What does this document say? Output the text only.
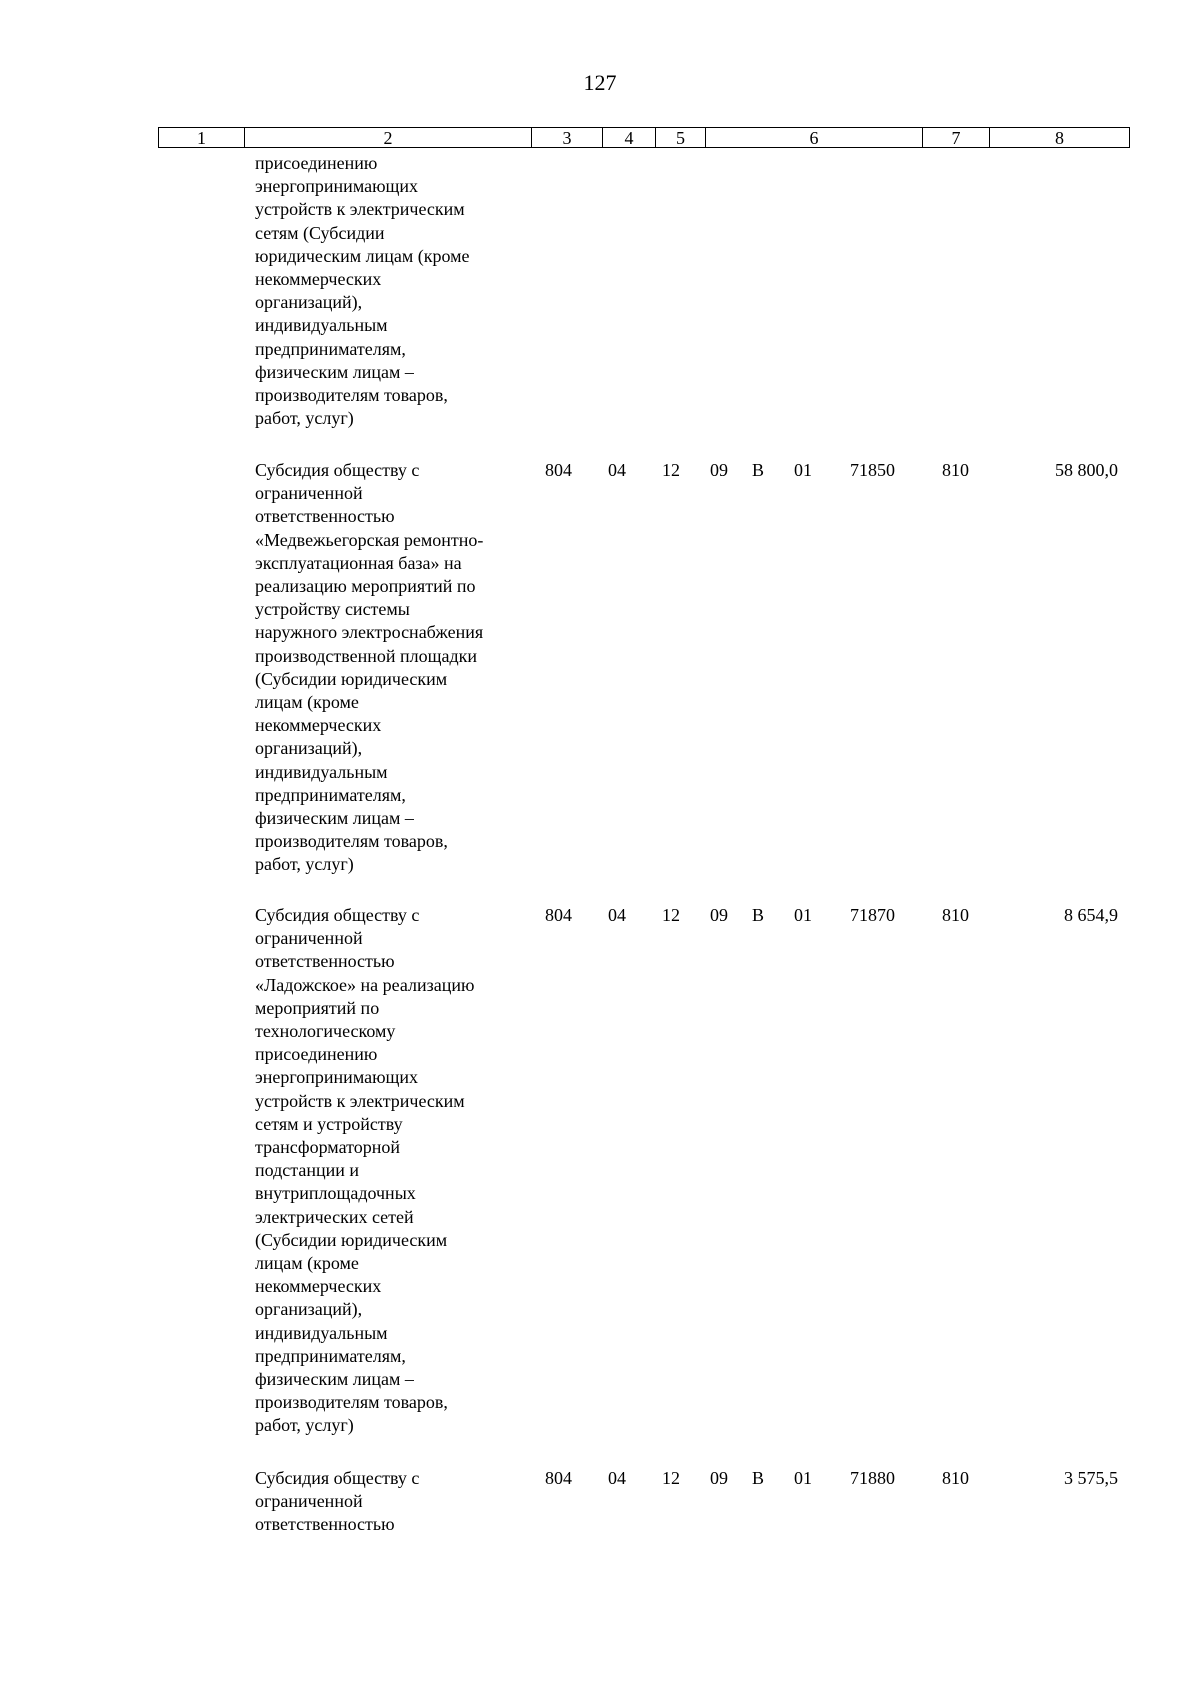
127
1	2	3	4	5	6	7	8
присоединению
энергопринимающих
устройств к электрическим
сетям (Субсидии
юридическим лицам (кроме
некоммерческих
организаций),
индивидуальным
предпринимателям,
физическим лицам –
производителям товаров,
работ, услуг)
Субсидия обществу с
ограниченной
ответственностью
«Медвежьегорская ремонтно-
эксплуатационная база» на
реализацию мероприятий по
устройству системы
наружного электроснабжения
производственной площадки
(Субсидии юридическим
лицам (кроме
некоммерческих
организаций),
индивидуальным
предпринимателям,
физическим лицам –
производителям товаров,
работ, услуг)
804 04 12 09 В 01 71850	810	58 800,0
Субсидия обществу с
ограниченной
ответственностью
«Ладожское» на реализацию
мероприятий по
технологическому
присоединению
энергопринимающих
устройств к электрическим
сетям и устройству
трансформаторной
подстанции и
внутриплощадочных
электрических сетей
(Субсидии юридическим
лицам (кроме
некоммерческих
организаций),
индивидуальным
предпринимателям,
физическим лицам –
производителям товаров,
работ, услуг)
804 04 12 09 В 01 71870	810	8 654,9
Субсидия обществу с
ограниченной
ответственностью
804 04 12 09 В 01 71880	810	3 575,5
